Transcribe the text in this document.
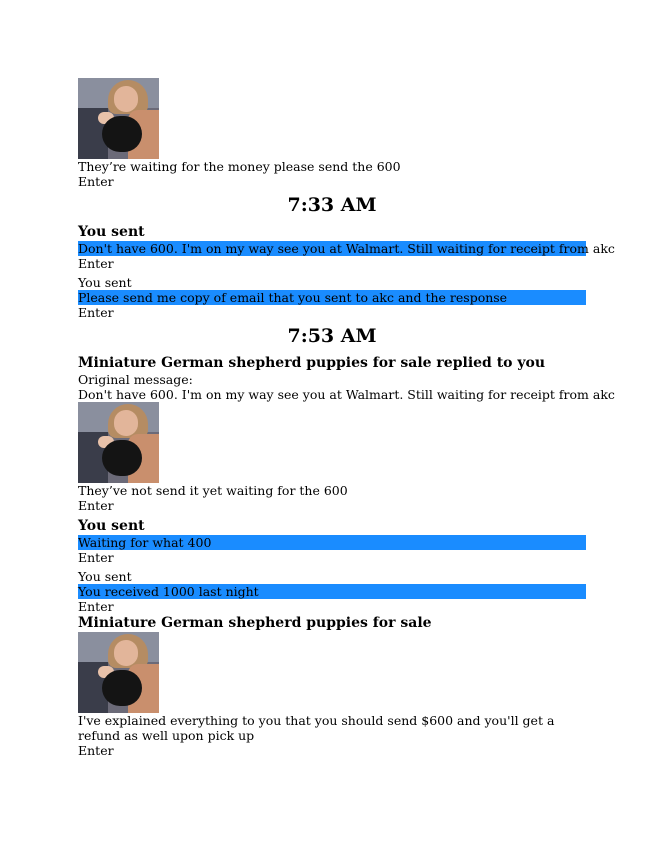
They’re waiting for the money please send the 600
Enter
7:33 AM
You sent
Don't have 600. I'm on my way see you at Walmart. Still waiting for receipt from akc
Enter
You sent
Please send me copy of email that you sent to akc and the response
Enter
7:53 AM
Miniature German shepherd puppies for sale replied to you
Original message:
Don't have 600. I'm on my way see you at Walmart. Still waiting for receipt from akc
They’ve not send it yet waiting for the 600
Enter
You sent
Waiting for what 400
Enter
You sent
You received 1000 last night
Enter
Miniature German shepherd puppies for sale
I've explained everything to you that you should send $600 and you'll get a refund as well upon pick up
Enter
